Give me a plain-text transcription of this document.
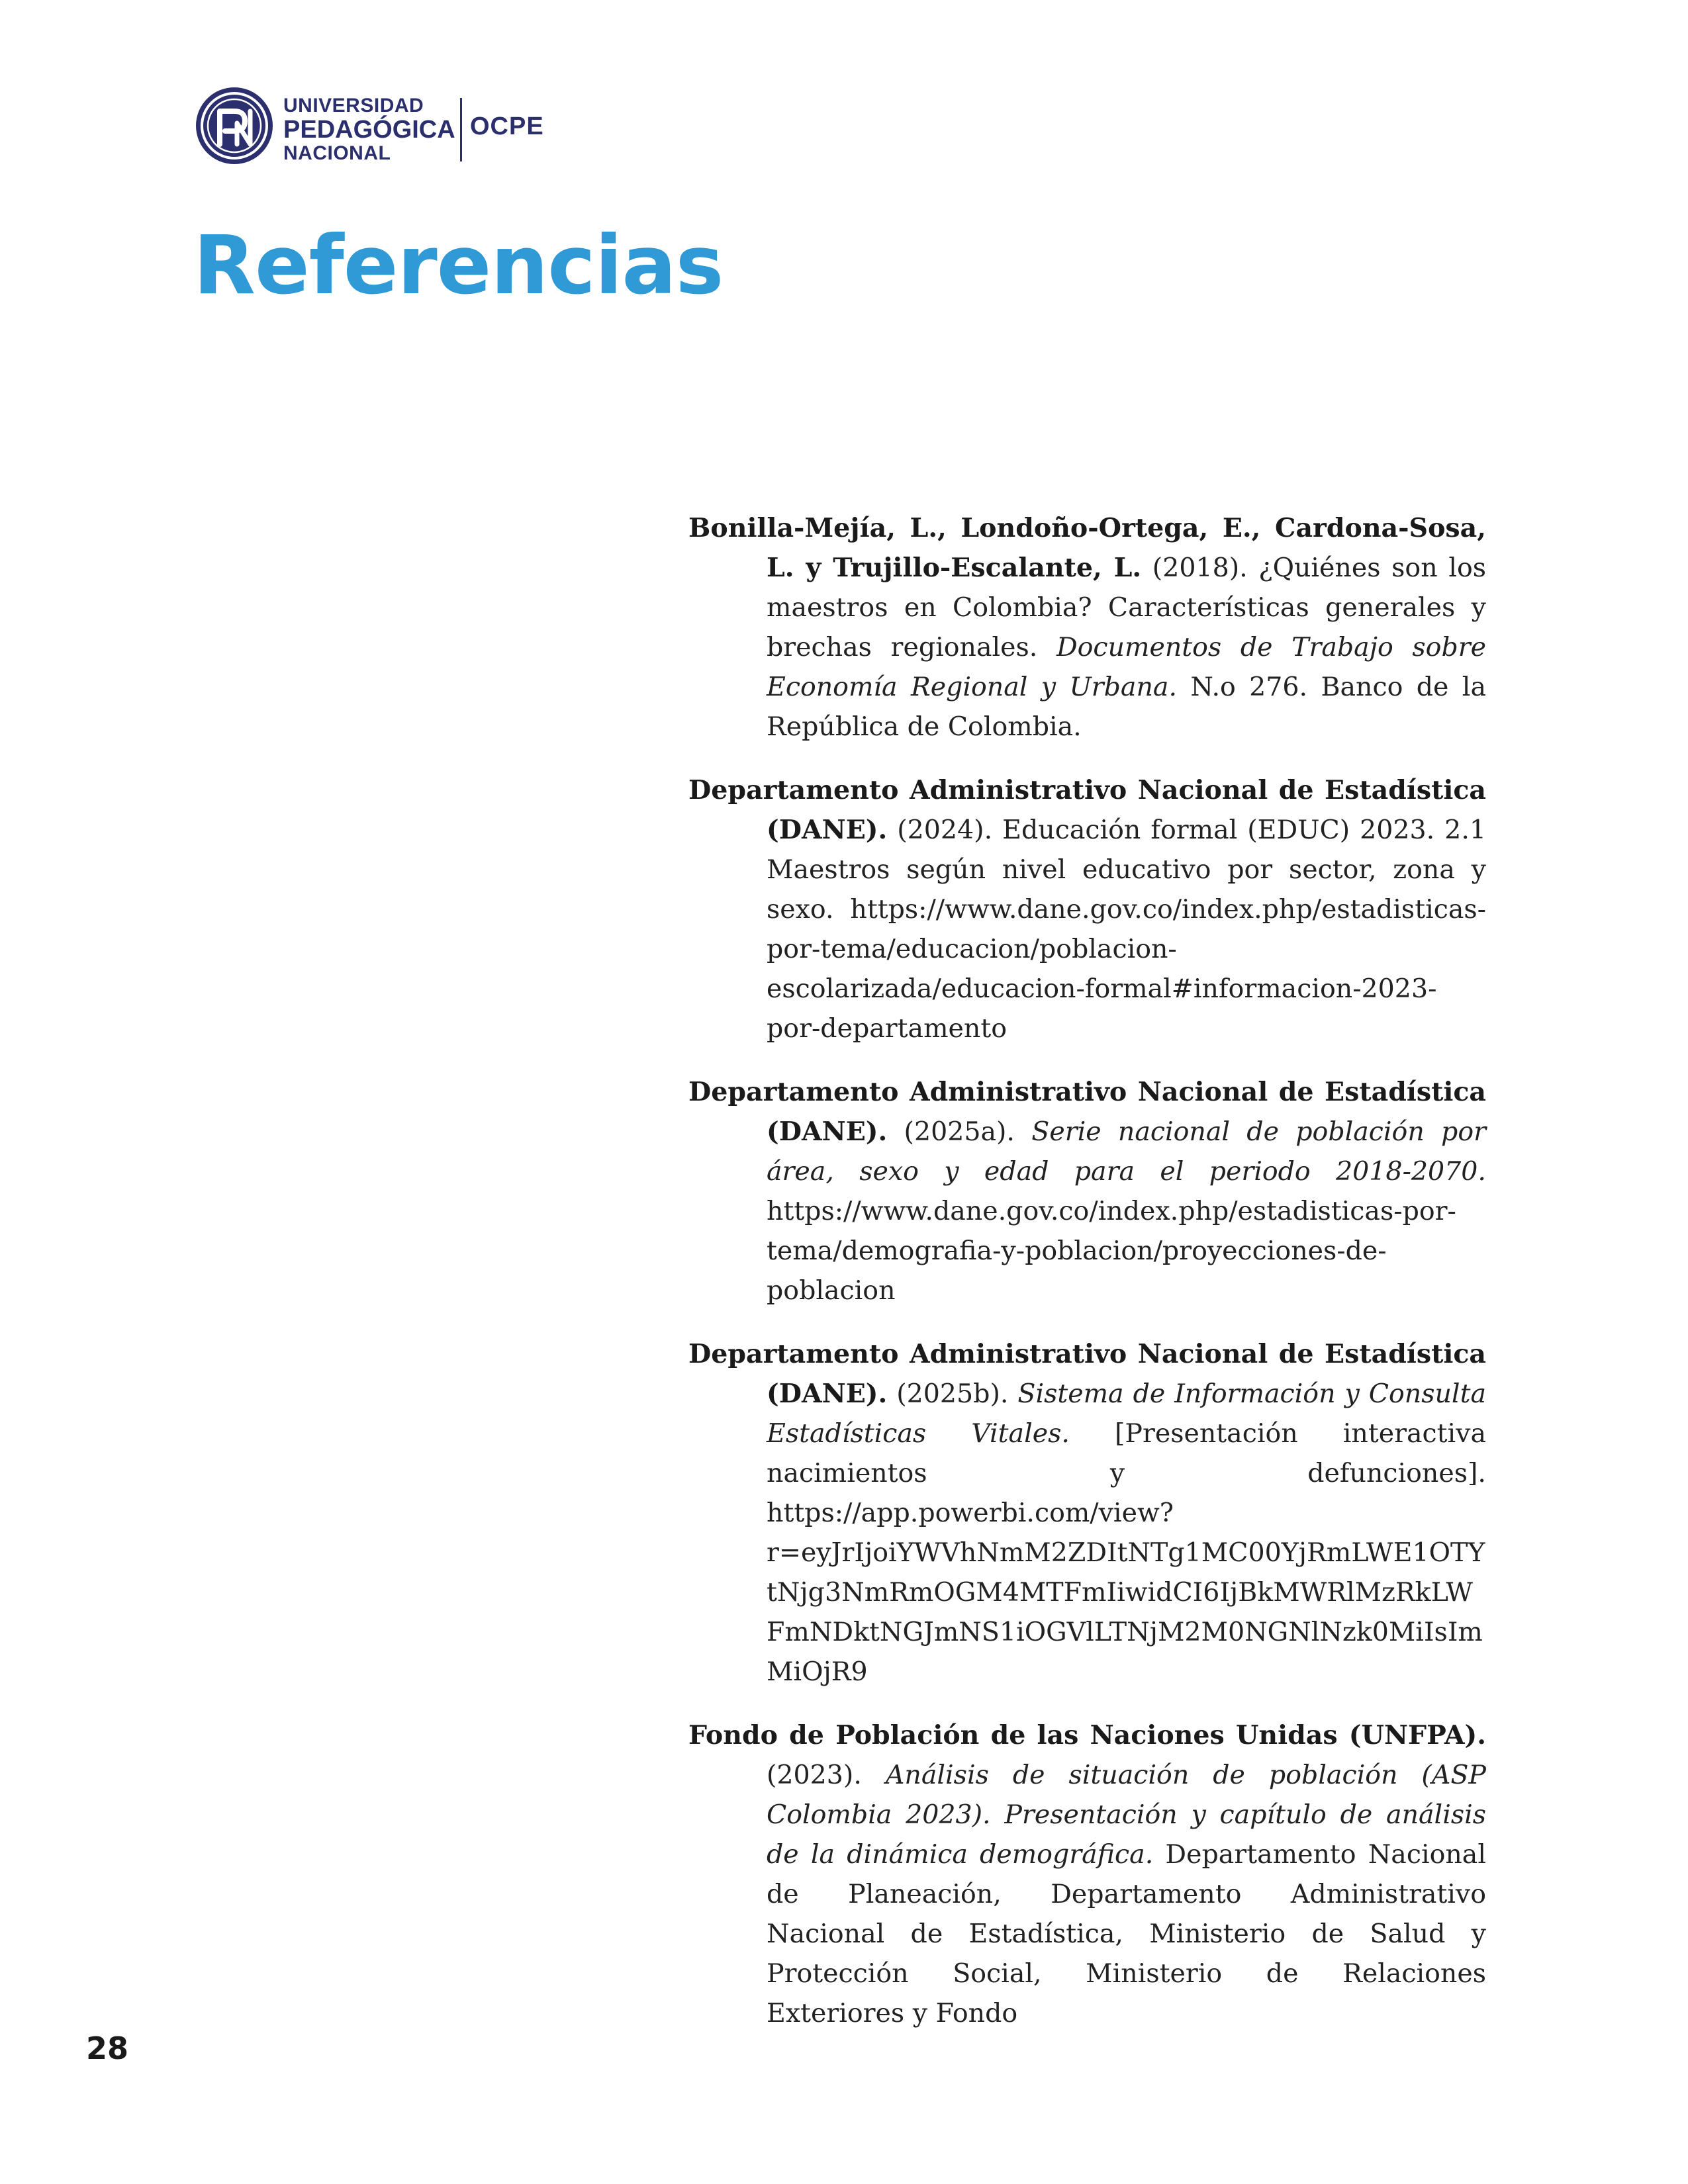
UNIVERSIDAD
PEDAGÓGICA
NACIONAL
OCPE
Referencias
Bonilla-Mejía, L., Londoño-Ortega, E., Cardona-Sosa, L. y Trujillo-Escalante, L. (2018). ¿Quiénes son los maestros en Colombia? Características generales y brechas regionales. Documentos de Trabajo sobre Economía Regional y Urbana. N.o 276. Banco de la República de Colombia.
Departamento Administrativo Nacional de Estadística (DANE). (2024). Educación formal (EDUC) 2023. 2.1 Maestros según nivel educativo por sector, zona y sexo. https://www.dane.gov.co/index.php/estadisticas-por-tema/educacion/poblacion-escolarizada/educacion-formal#informacion-2023-por-departamento
Departamento Administrativo Nacional de Estadística (DANE). (2025a). Serie nacional de población por área, sexo y edad para el periodo 2018-2070. https://www.dane.gov.co/index.php/estadisticas-por-tema/demografia-y-poblacion/proyecciones-de-poblacion
Departamento Administrativo Nacional de Estadística (DANE). (2025b). Sistema de Información y Consulta Estadísticas Vitales. [Presentación interactiva nacimientos y defunciones]. https://app.powerbi.com/view?r=eyJrIjoiYWVhNmM2ZDItNTg1MC00YjRmLWE1OTYtNjg3NmRmOGM4MTFmIiwidCI6IjBkMWRlMzRkLWFmNDktNGJmNS1iOGVlLTNjM2M0NGNlNzk0MiIsImMiOjR9
Fondo de Población de las Naciones Unidas (UNFPA). (2023). Análisis de situación de población (ASP Colombia 2023). Presentación y capítulo de análisis de la dinámica demográfica. Departamento Nacional de Planeación, Departamento Administrativo Nacional de Estadística, Ministerio de Salud y Protección Social, Ministerio de Relaciones Exteriores y Fondo
28
